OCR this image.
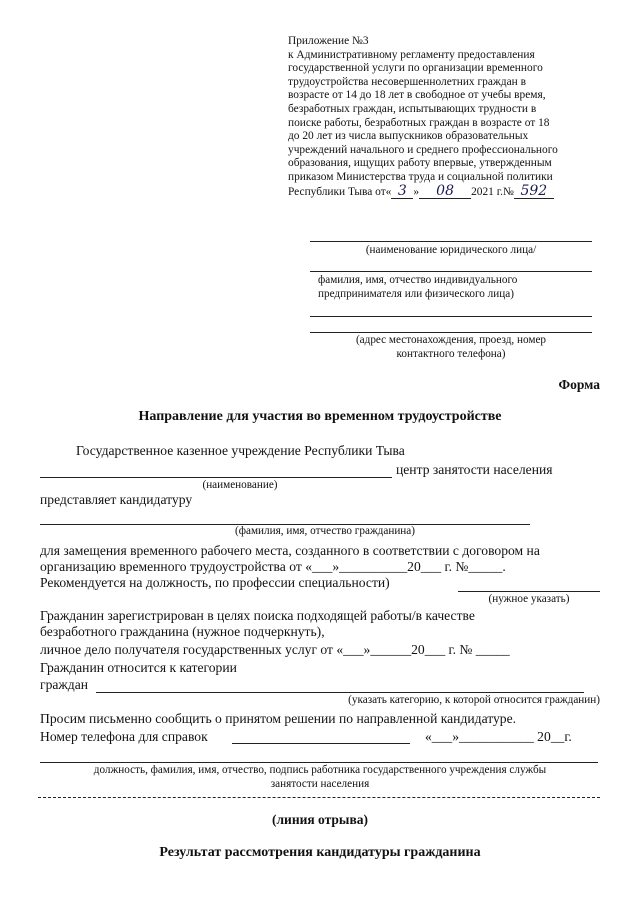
Приложение №3
к Административному регламенту предоставления
государственной услуги по организации временного
трудоустройства несовершеннолетних граждан в
возрасте от 14 до 18 лет в свободное от учебы время,
безработных граждан, испытывающих трудности в
поиске работы, безработных граждан в возрасте от 18
до 20 лет из числа выпускников образовательных
учреждений начального и среднего профессионального
образования, ищущих работу впервые, утвержденным
приказом Министерства труда и социальной политики
Республики Тыва от« 3 » 08 2021 г.№ 592
(наименование юридического лица/
фамилия, имя, отчество индивидуального
предпринимателя или физического лица)
(адрес местонахождения, проезд, номер
контактного телефона)
Форма
Направление для участия во временном трудоустройстве
Государственное казенное учреждение Республики Тыва
центр занятости населения
(наименование)
представляет кандидатуру
(фамилия, имя, отчество гражданина)
для замещения временного рабочего места, созданного в соответствии с договором на
организацию временного трудоустройства от «___»__________20___ г. №_____.
Рекомендуется на должность, по профессии специальности)
(нужное указать)
Гражданин зарегистрирован в целях поиска подходящей работы/в качестве
безработного гражданина (нужное подчеркнуть),
личное дело получателя государственных услуг от «___»______20___ г. № _____
Гражданин относится к категории
граждан
(указать категорию, к которой относится гражданин)
Просим письменно сообщить о принятом решении по направленной кандидатуре.
Номер телефона для справок	«___»___________ 20__г.
должность, фамилия, имя, отчество, подпись работника государственного учреждения службы
занятости населения
(линия отрыва)
Результат рассмотрения кандидатуры гражданина
